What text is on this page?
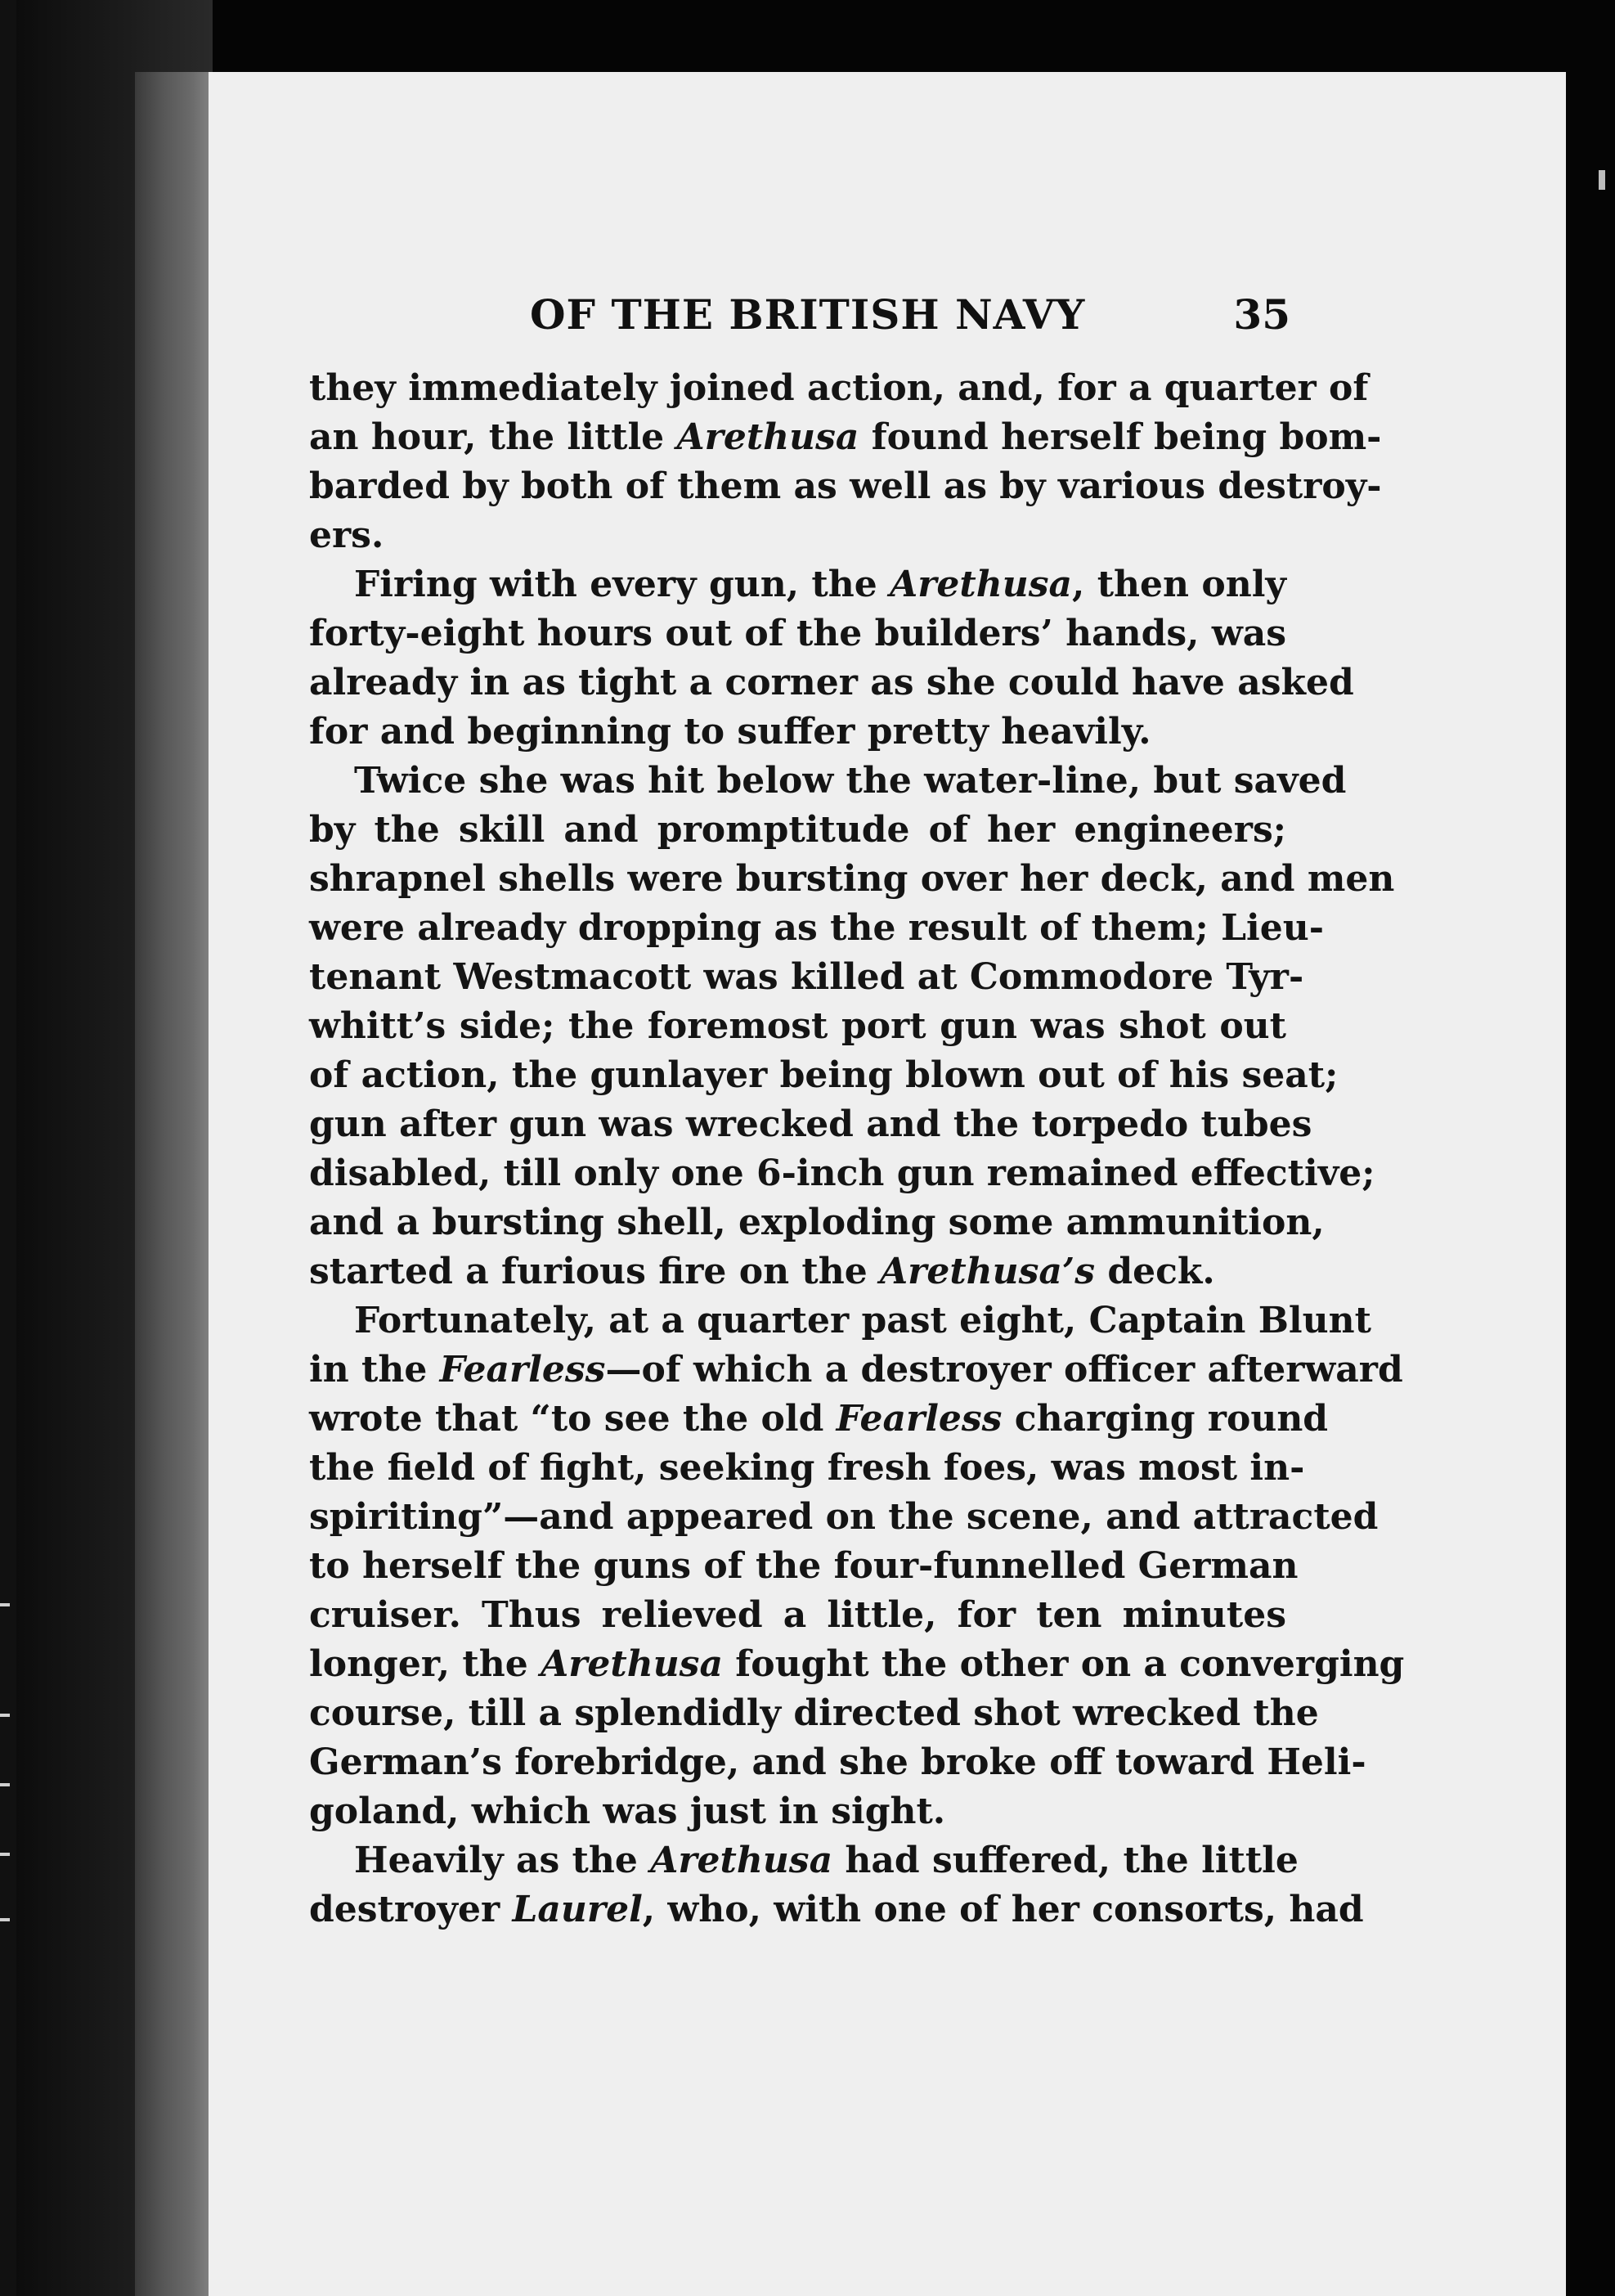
OF THE BRITISH NAVY	35
they immediately joined action, and, for a quarter of
an hour, the little Arethusa found herself being bom-
barded by both of them as well as by various destroy-
ers.
Firing with every gun, the Arethusa, then only
forty-eight hours out of the builders’ hands, was
already in as tight a corner as she could have asked
for and beginning to suffer pretty heavily.
Twice she was hit below the water-line, but saved
by the skill and promptitude of her engineers;
shrapnel shells were bursting over her deck, and men
were already dropping as the result of them; Lieu-
tenant Westmacott was killed at Commodore Tyr-
whitt’s side; the foremost port gun was shot out
of action, the gunlayer being blown out of his seat;
gun after gun was wrecked and the torpedo tubes
disabled, till only one 6-inch gun remained effective;
and a bursting shell, exploding some ammunition,
started a furious fire on the Arethusa’s deck.
Fortunately, at a quarter past eight, Captain Blunt
in the Fearless—of which a destroyer officer afterward
wrote that “to see the old Fearless charging round
the field of fight, seeking fresh foes, was most in-
spiriting”—and appeared on the scene, and attracted
to herself the guns of the four-funnelled German
cruiser. Thus relieved a little, for ten minutes
longer, the Arethusa fought the other on a converging
course, till a splendidly directed shot wrecked the
German’s forebridge, and she broke off toward Heli-
goland, which was just in sight.
Heavily as the Arethusa had suffered, the little
destroyer Laurel, who, with one of her consorts, had
